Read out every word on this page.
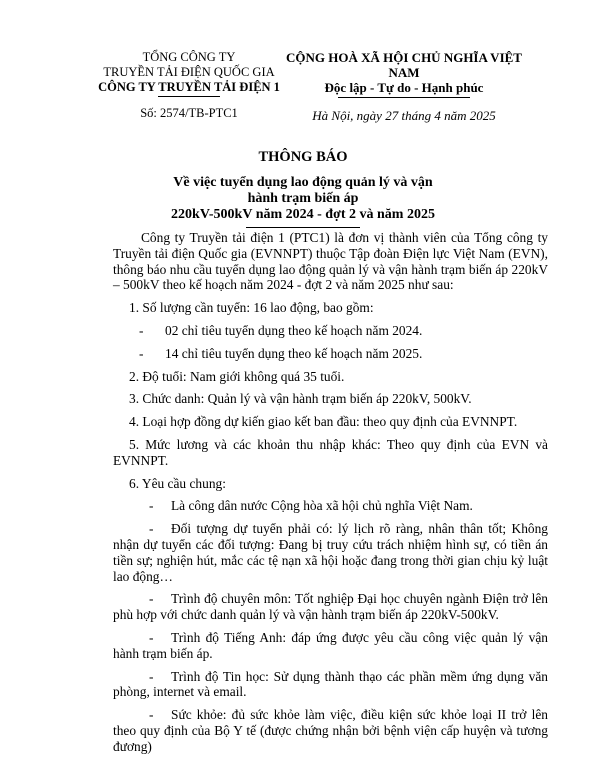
TỔNG CÔNG TY
TRUYỀN TẢI ĐIỆN QUỐC GIA
CÔNG TY TRUYỀN TẢI ĐIỆN 1
Số: 2574/TB-PTC1
CỘNG HOÀ XÃ HỘI CHỦ NGHĨA VIỆT NAM
Độc lập - Tự do - Hạnh phúc
Hà Nội, ngày 27 tháng 4 năm 2025
THÔNG BÁO
Về việc tuyển dụng lao động quản lý và vận hành trạm biến áp
220kV-500kV năm 2024 - đợt 2 và năm 2025

Công ty Truyền tải điện 1 (PTC1) là đơn vị thành viên của Tổng công ty Truyền tải điện Quốc gia (EVNNPT) thuộc Tập đoàn Điện lực Việt Nam (EVN), thông báo nhu cầu tuyển dụng lao động quản lý và vận hành trạm biến áp 220kV – 500kV theo kế hoạch năm 2024 - đợt 2 và năm 2025 như sau:

1. Số lượng cần tuyển: 16 lao động, bao gồm:

- 02 chỉ tiêu tuyển dụng theo kế hoạch năm 2024.

- 14 chỉ tiêu tuyển dụng theo kế hoạch năm 2025.

2. Độ tuổi: Nam giới không quá 35 tuổi.

3. Chức danh: Quản lý và vận hành trạm biến áp 220kV, 500kV.

4. Loại hợp đồng dự kiến giao kết ban đầu: theo quy định của EVNNPT.

5. Mức lương và các khoản thu nhập khác: Theo quy định của EVN và EVNNPT.

6. Yêu cầu chung:

- Là công dân nước Cộng hòa xã hội chủ nghĩa Việt Nam.

- Đối tượng dự tuyển phải có: lý lịch rõ ràng, nhân thân tốt; Không nhận dự tuyển các đối tượng: Đang bị truy cứu trách nhiệm hình sự, có tiền án tiền sự; nghiện hút, mắc các tệ nạn xã hội hoặc đang trong thời gian chịu kỷ luật lao động…

- Trình độ chuyên môn: Tốt nghiệp Đại học chuyên ngành Điện trở lên phù hợp với chức danh quản lý và vận hành trạm biến áp 220kV-500kV.

- Trình độ Tiếng Anh: đáp ứng được yêu cầu công việc quản lý vận hành trạm biến áp.

- Trình độ Tin học: Sử dụng thành thạo các phần mềm ứng dụng văn phòng, internet và email.

- Sức khỏe: đủ sức khỏe làm việc, điều kiện sức khỏe loại II trở lên theo quy định của Bộ Y tế (được chứng nhận bởi bệnh viện cấp huyện và tương đương)
